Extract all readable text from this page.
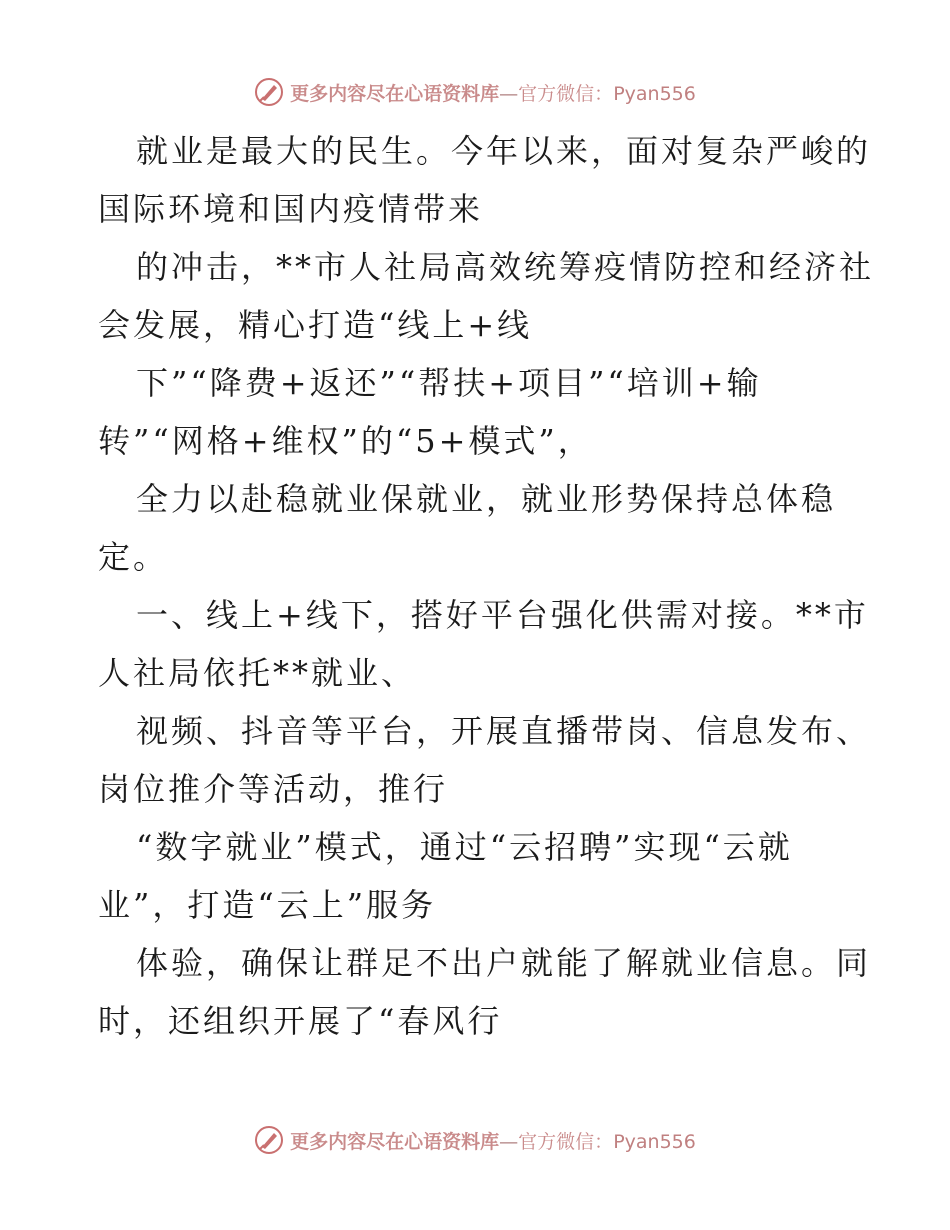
更多内容尽在心语资料库—官方微信：Pyan556
就业是最大的民生。今年以来，面对复杂严峻的
国际环境和国内疫情带来
的冲击，**市人社局高效统筹疫情防控和经济社
会发展，精心打造“线上+线
下”“降费+返还”“帮扶+项目”“培训+输
转”“网格+维权”的“5+模式”，
全力以赴稳就业保就业，就业形势保持总体稳
定。
一、线上+线下，搭好平台强化供需对接。**市
人社局依托**就业、
视频、抖音等平台，开展直播带岗、信息发布、
岗位推介等活动，推行
“数字就业”模式，通过“云招聘”实现“云就
业”，打造“云上”服务
体验，确保让群足不出户就能了解就业信息。同
时，还组织开展了“春风行
更多内容尽在心语资料库—官方微信：Pyan556
